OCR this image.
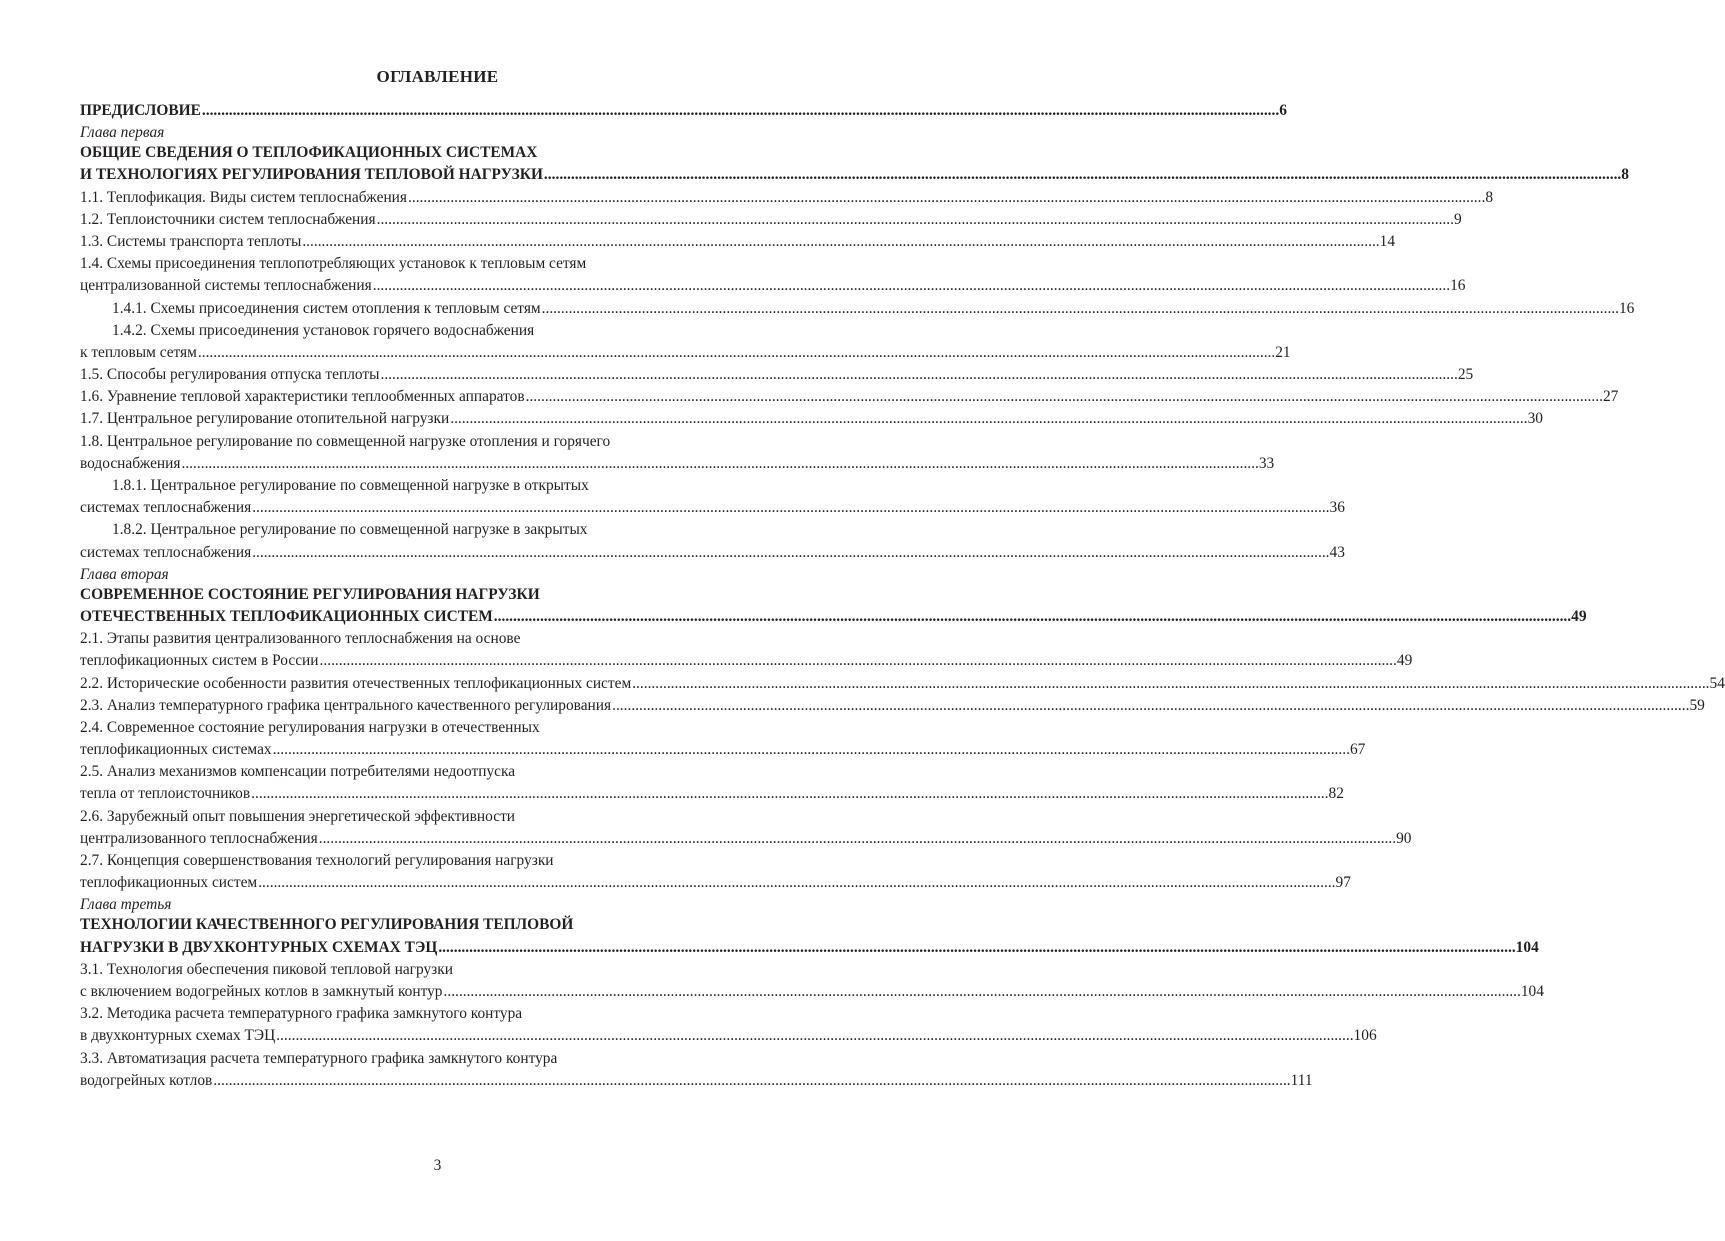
ОГЛАВЛЕНИЕ
ПРЕДИСЛОВИЕ .....	6
Глава первая
ОБЩИЕ СВЕДЕНИЯ О ТЕПЛОФИКАЦИОННЫХ СИСТЕМАХ
И ТЕХНОЛОГИЯХ РЕГУЛИРОВАНИЯ ТЕПЛОВОЙ НАГРУЗКИ .....	8
1.1. Теплофикация. Виды систем теплоснабжения .....	8
1.2. Теплоисточники систем теплоснабжения .....	9
1.3. Системы транспорта теплоты .....	14
1.4. Схемы присоединения теплопотребляющих установок к тепловым сетям
централизованной системы теплоснабжения .....	16
1.4.1. Схемы присоединения систем отопления к тепловым сетям .....	16
1.4.2. Схемы присоединения установок горячего водоснабжения
к тепловым сетям .....	21
1.5. Способы регулирования отпуска теплоты .....	25
1.6. Уравнение тепловой характеристики теплообменных аппаратов .....	27
1.7. Центральное регулирование отопительной нагрузки .....	30
1.8. Центральное регулирование по совмещенной нагрузке отопления и горячего
водоснабжения .....	33
1.8.1. Центральное регулирование по совмещенной нагрузке в открытых
системах теплоснабжения .....	36
1.8.2. Центральное регулирование по совмещенной нагрузке в закрытых
системах теплоснабжения .....	43
Глава вторая
СОВРЕМЕННОЕ СОСТОЯНИЕ РЕГУЛИРОВАНИЯ НАГРУЗКИ
ОТЕЧЕСТВЕННЫХ ТЕПЛОФИКАЦИОННЫХ СИСТЕМ .....	49
2.1. Этапы развития централизованного теплоснабжения на основе
теплофикационных систем в России .....	49
2.2. Исторические особенности развития отечественных теплофикационных систем .....	54
2.3. Анализ температурного графика центрального качественного регулирования .....	59
2.4. Современное состояние регулирования нагрузки в отечественных
теплофикационных системах .....	67
2.5. Анализ механизмов компенсации потребителями недоотпуска
тепла от теплоисточников .....	82
2.6. Зарубежный опыт повышения энергетической эффективности
централизованного теплоснабжения .....	90
2.7. Концепция совершенствования технологий регулирования нагрузки
теплофикационных систем .....	97
Глава третья
ТЕХНОЛОГИИ КАЧЕСТВЕННОГО РЕГУЛИРОВАНИЯ ТЕПЛОВОЙ
НАГРУЗКИ В ДВУХКОНТУРНЫХ СХЕМАХ ТЭЦ .....	104
3.1. Технология обеспечения пиковой тепловой нагрузки
с включением водогрейных котлов в замкнутый контур .....	104
3.2. Методика расчета температурного графика замкнутого контура
в двухконтурных схемах ТЭЦ .....	106
3.3. Автоматизация расчета температурного графика замкнутого контура
водогрейных котлов .....	111
3
